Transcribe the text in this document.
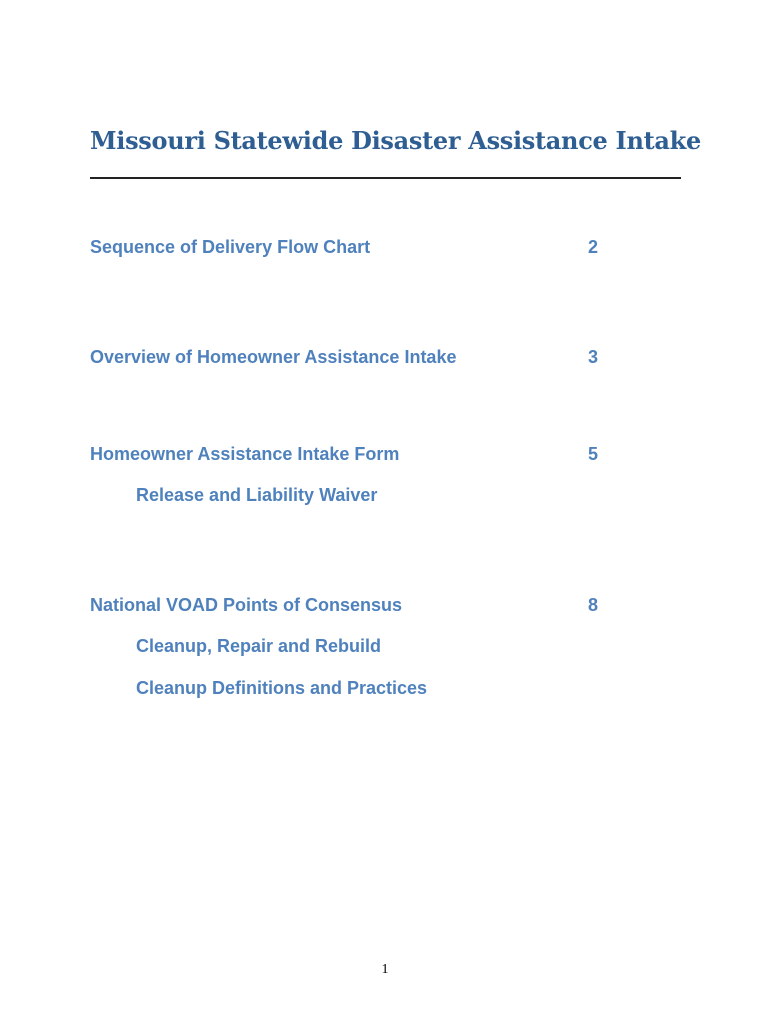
Missouri Statewide Disaster Assistance Intake
Sequence of Delivery Flow Chart	2
Overview of Homeowner Assistance Intake	3
Homeowner Assistance Intake Form	5
Release and Liability Waiver
National VOAD Points of Consensus	8
Cleanup, Repair and Rebuild
Cleanup Definitions and Practices
1
